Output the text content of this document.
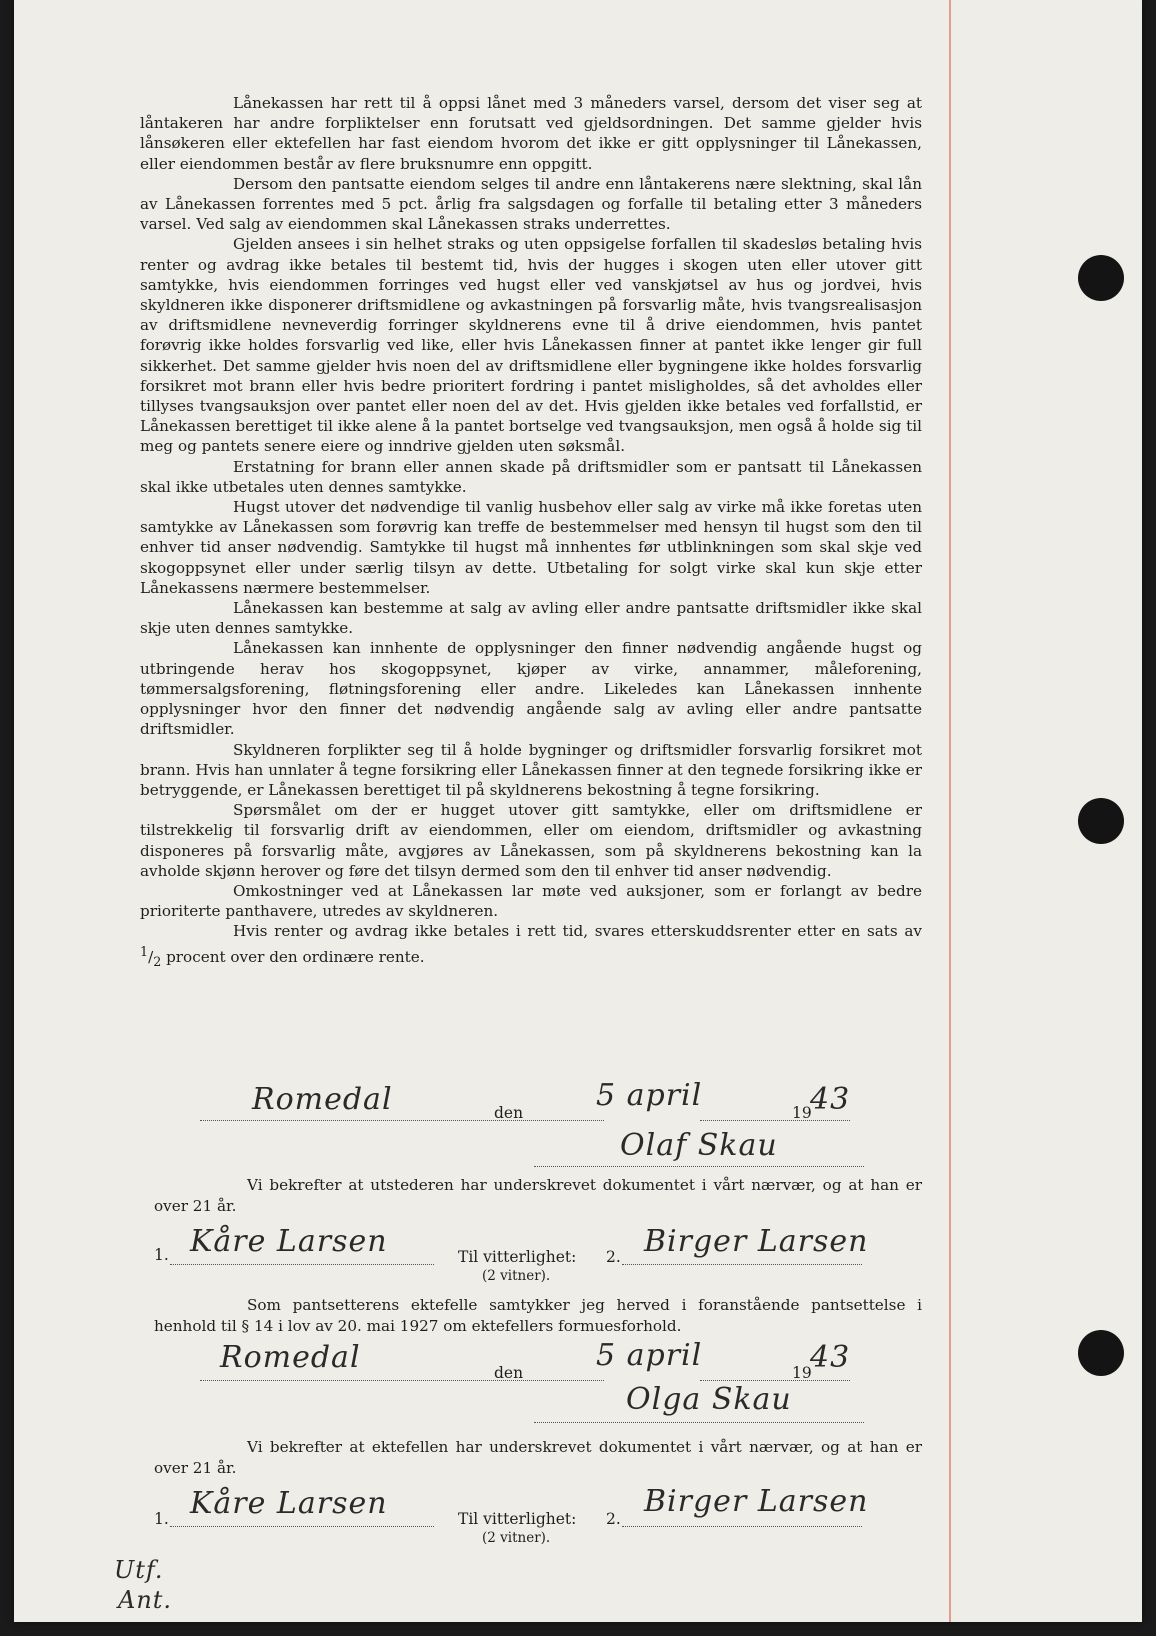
Lånekassen har rett til å oppsi lånet med 3 måneders varsel, dersom det viser seg at låntakeren har andre forpliktelser enn forutsatt ved gjeldsordningen. Det samme gjelder hvis lånsøkeren eller ektefellen har fast eiendom hvorom det ikke er gitt opplysninger til Lånekassen, eller eiendommen består av flere bruksnumre enn oppgitt.

Dersom den pantsatte eiendom selges til andre enn låntakerens nære slektning, skal lån av Lånekassen forrentes med 5 pct. årlig fra salgsdagen og forfalle til betaling etter 3 måneders varsel. Ved salg av eiendommen skal Lånekassen straks underrettes.

Gjelden ansees i sin helhet straks og uten oppsigelse forfallen til skadesløs betaling hvis renter og avdrag ikke betales til bestemt tid, hvis der hugges i skogen uten eller utover gitt samtykke, hvis eiendommen forringes ved hugst eller ved vanskjøtsel av hus og jordvei, hvis skyldneren ikke disponerer driftsmidlene og avkastningen på forsvarlig måte, hvis tvangsrealisasjon av driftsmidlene nevneverdig forringer skyldnerens evne til å drive eiendommen, hvis pantet forøvrig ikke holdes forsvarlig ved like, eller hvis Lånekassen finner at pantet ikke lenger gir full sikkerhet. Det samme gjelder hvis noen del av driftsmidlene eller bygningene ikke holdes forsvarlig forsikret mot brann eller hvis bedre prioritert fordring i pantet misligholdes, så det avholdes eller tillyses tvangsauksjon over pantet eller noen del av det. Hvis gjelden ikke betales ved forfallstid, er Lånekassen berettiget til ikke alene å la pantet bortselge ved tvangsauksjon, men også å holde sig til meg og pantets senere eiere og inndrive gjelden uten søksmål.

Erstatning for brann eller annen skade på driftsmidler som er pantsatt til Lånekassen skal ikke utbetales uten dennes samtykke.

Hugst utover det nødvendige til vanlig husbehov eller salg av virke må ikke foretas uten samtykke av Lånekassen som forøvrig kan treffe de bestemmelser med hensyn til hugst som den til enhver tid anser nødvendig. Samtykke til hugst må innhentes før utblinkningen som skal skje ved skogoppsynet eller under særlig tilsyn av dette. Utbetaling for solgt virke skal kun skje etter Lånekassens nærmere bestemmelser.

Lånekassen kan bestemme at salg av avling eller andre pantsatte driftsmidler ikke skal skje uten dennes samtykke.

Lånekassen kan innhente de opplysninger den finner nødvendig angående hugst og utbringende herav hos skogoppsynet, kjøper av virke, annammer, måleforening, tømmersalgsforening, fløtningsforening eller andre. Likeledes kan Lånekassen innhente opplysninger hvor den finner det nødvendig angående salg av avling eller andre pantsatte driftsmidler.

Skyldneren forplikter seg til å holde bygninger og driftsmidler forsvarlig forsikret mot brann. Hvis han unnlater å tegne forsikring eller Lånekassen finner at den tegnede forsikring ikke er betryggende, er Lånekassen berettiget til på skyldnerens bekostning å tegne forsikring.

Spørsmålet om der er hugget utover gitt samtykke, eller om driftsmidlene er tilstrekkelig til forsvarlig drift av eiendommen, eller om eiendom, driftsmidler og avkastning disponeres på forsvarlig måte, avgjøres av Lånekassen, som på skyldnerens bekostning kan la avholde skjønn herover og føre det tilsyn dermed som den til enhver tid anser nødvendig.

Omkostninger ved at Lånekassen lar møte ved auksjoner, som er forlangt av bedre prioriterte panthavere, utredes av skyldneren.

Hvis renter og avdrag ikke betales i rett tid, svares etterskuddsrenter etter en sats av $^1/_2$ procent over den ordinære rente.

Romedal	den 5 april	19
43
Olaf Skau

Vi bekrefter at utstederen har underskrevet dokumentet i vårt nærvær, og at han er over 21 år.

1. Kåre Larsen	Til vitterlighet: 2. Birger Larsen
(2 vitner).

Som pantsetterens ektefelle samtykker jeg herved i foranstående pantsettelse i henhold til § 14 i lov av 20. mai 1927 om ektefellers formuesforhold.

Romedal	den 5 april	19
43
Olga Skau

Vi bekrefter at ektefellen har underskrevet dokumentet i vårt nærvær, og at han er over 21 år.

1. Kåre Larsen	Til vitterlighet: 2. Birger Larsen
(2 vitner).
Utf.
Ant.
